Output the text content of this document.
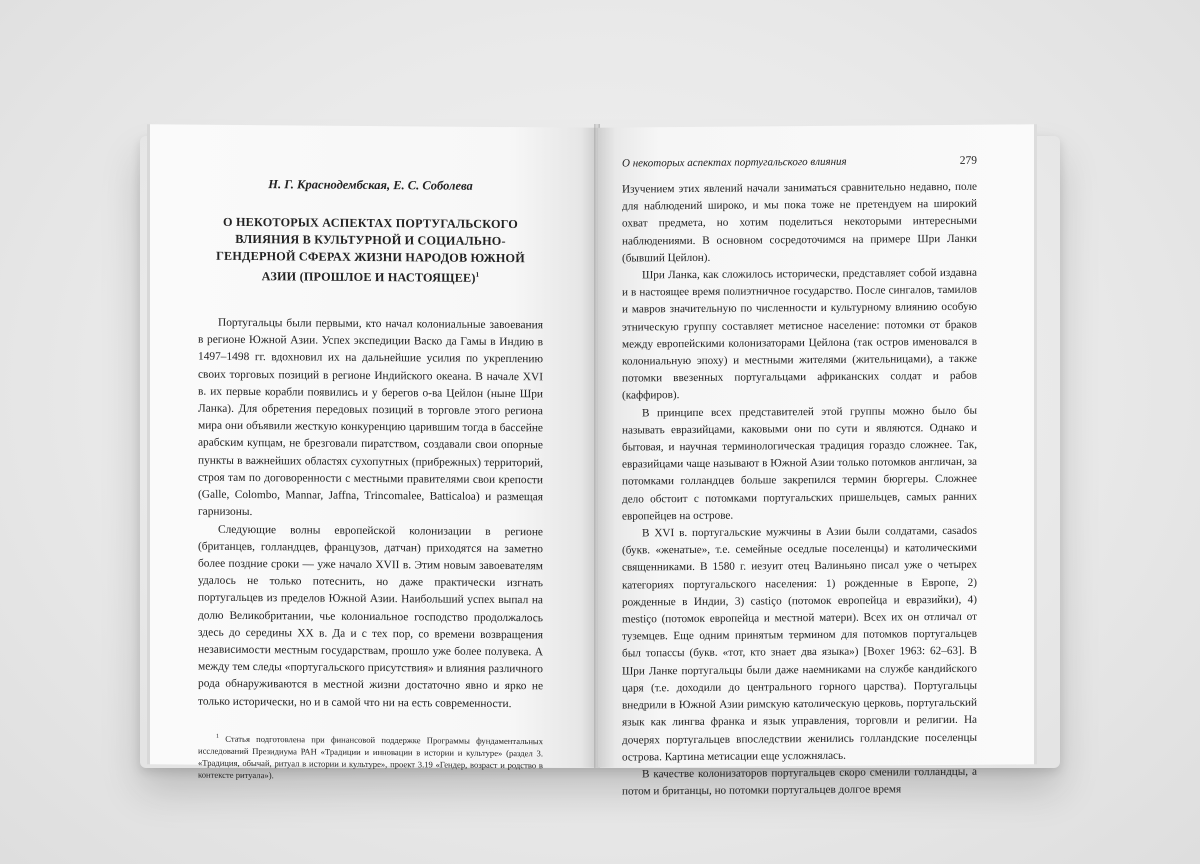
Н. Г. Краснодембская, Е. С. Соболева
О НЕКОТОРЫХ АСПЕКТАХ ПОРТУГАЛЬСКОГО ВЛИЯНИЯ В КУЛЬТУРНОЙ И СОЦИАЛЬНО-ГЕНДЕРНОЙ СФЕРАХ ЖИЗНИ НАРОДОВ ЮЖНОЙ АЗИИ (ПРОШЛОЕ И НАСТОЯЩЕЕ)$^1$

Португальцы были первыми, кто начал колониальные завоевания в регионе Южной Азии. Успех экспедиции Васко да Гамы в Индию в 1497–1498 гг. вдохновил их на дальнейшие усилия по укреплению своих торговых позиций в регионе Индийского океана. В начале XVI в. их первые корабли появились и у берегов о-ва Цейлон (ныне Шри Ланка). Для обретения передовых позиций в торговле этого региона мира они объявили жесткую конкуренцию царившим тогда в бассейне арабским купцам, не брезговали пиратством, создавали свои опорные пункты в важнейших областях сухопутных (прибрежных) территорий, строя там по договоренности с местными правителями свои крепости (Galle, Colombo, Mannar, Jaffna, Trincomalee, Batticaloa) и размещая гарнизоны.

Следующие волны европейской колонизации в регионе (британцев, голландцев, французов, датчан) приходятся на заметно более поздние сроки — уже начало XVII в. Этим новым завоевателям удалось не только потеснить, но даже практически изгнать португальцев из пределов Южной Азии. Наибольший успех выпал на долю Великобритании, чье колониальное господство продолжалось здесь до середины XX в. Да и с тех пор, со времени возвращения независимости местным государствам, прошло уже более полувека. А между тем следы «португальского присутствия» и влияния различного рода обнаруживаются в местной жизни достаточно явно и ярко не только исторически, но и в самой что ни на есть современности.

$^1$ Статья подготовлена при финансовой поддержке Программы фундаментальных исследований Президиума РАН «Традиции и инновации в истории и культуре» (раздел 3. «Традиция, обычай, ритуал в истории и культуре», проект 3.19 «Гендер, возраст и родство в контексте ритуала»).
О некоторых аспектах португальского влияния	279

Изучением этих явлений начали заниматься сравнительно недавно, поле для наблюдений широко, и мы пока тоже не претендуем на широкий охват предмета, но хотим поделиться некоторыми интересными наблюдениями. В основном сосредоточимся на примере Шри Ланки (бывший Цейлон).

Шри Ланка, как сложилось исторически, представляет собой издавна и в настоящее время полиэтничное государство. После сингалов, тамилов и мавров значительную по численности и культурному влиянию особую этническую группу составляет метисное население: потомки от браков между европейскими колонизаторами Цейлона (так остров именовался в колониальную эпоху) и местными жителями (жительницами), а также потомки ввезенных португальцами африканских солдат и рабов (каффиров).

В принципе всех представителей этой группы можно было бы называть евразийцами, каковыми они по сути и являются. Однако и бытовая, и научная терминологическая традиция гораздо сложнее. Так, евразийцами чаще называют в Южной Азии только потомков англичан, за потомками голландцев больше закрепился термин бюргеры. Сложнее дело обстоит с потомками португальских пришельцев, самых ранних европейцев на острове.

В XVI в. португальские мужчины в Азии были солдатами, casados (букв. «женатые», т.е. семейные оседлые поселенцы) и католическими священниками. В 1580 г. иезуит отец Валиньяно писал уже о четырех категориях португальского населения: 1) рожденные в Европе, 2) рожденные в Индии, 3) castiço (потомок европейца и евразийки), 4) mestiço (потомок европейца и местной матери). Всех их он отличал от туземцев. Еще одним принятым термином для потомков португальцев был топассы (букв. «тот, кто знает два языка») [Boxer 1963: 62–63]. В Шри Ланке португальцы были даже наемниками на службе кандийского царя (т.е. доходили до центрального горного царства). Португальцы внедрили в Южной Азии римскую католическую церковь, португальский язык как лингва франка и язык управления, торговли и религии. На дочерях португальцев впоследствии женились голландские поселенцы острова. Картина метисации еще усложнялась.

В качестве колонизаторов португальцев скоро сменили голландцы, а потом и британцы, но потомки португальцев долгое время
